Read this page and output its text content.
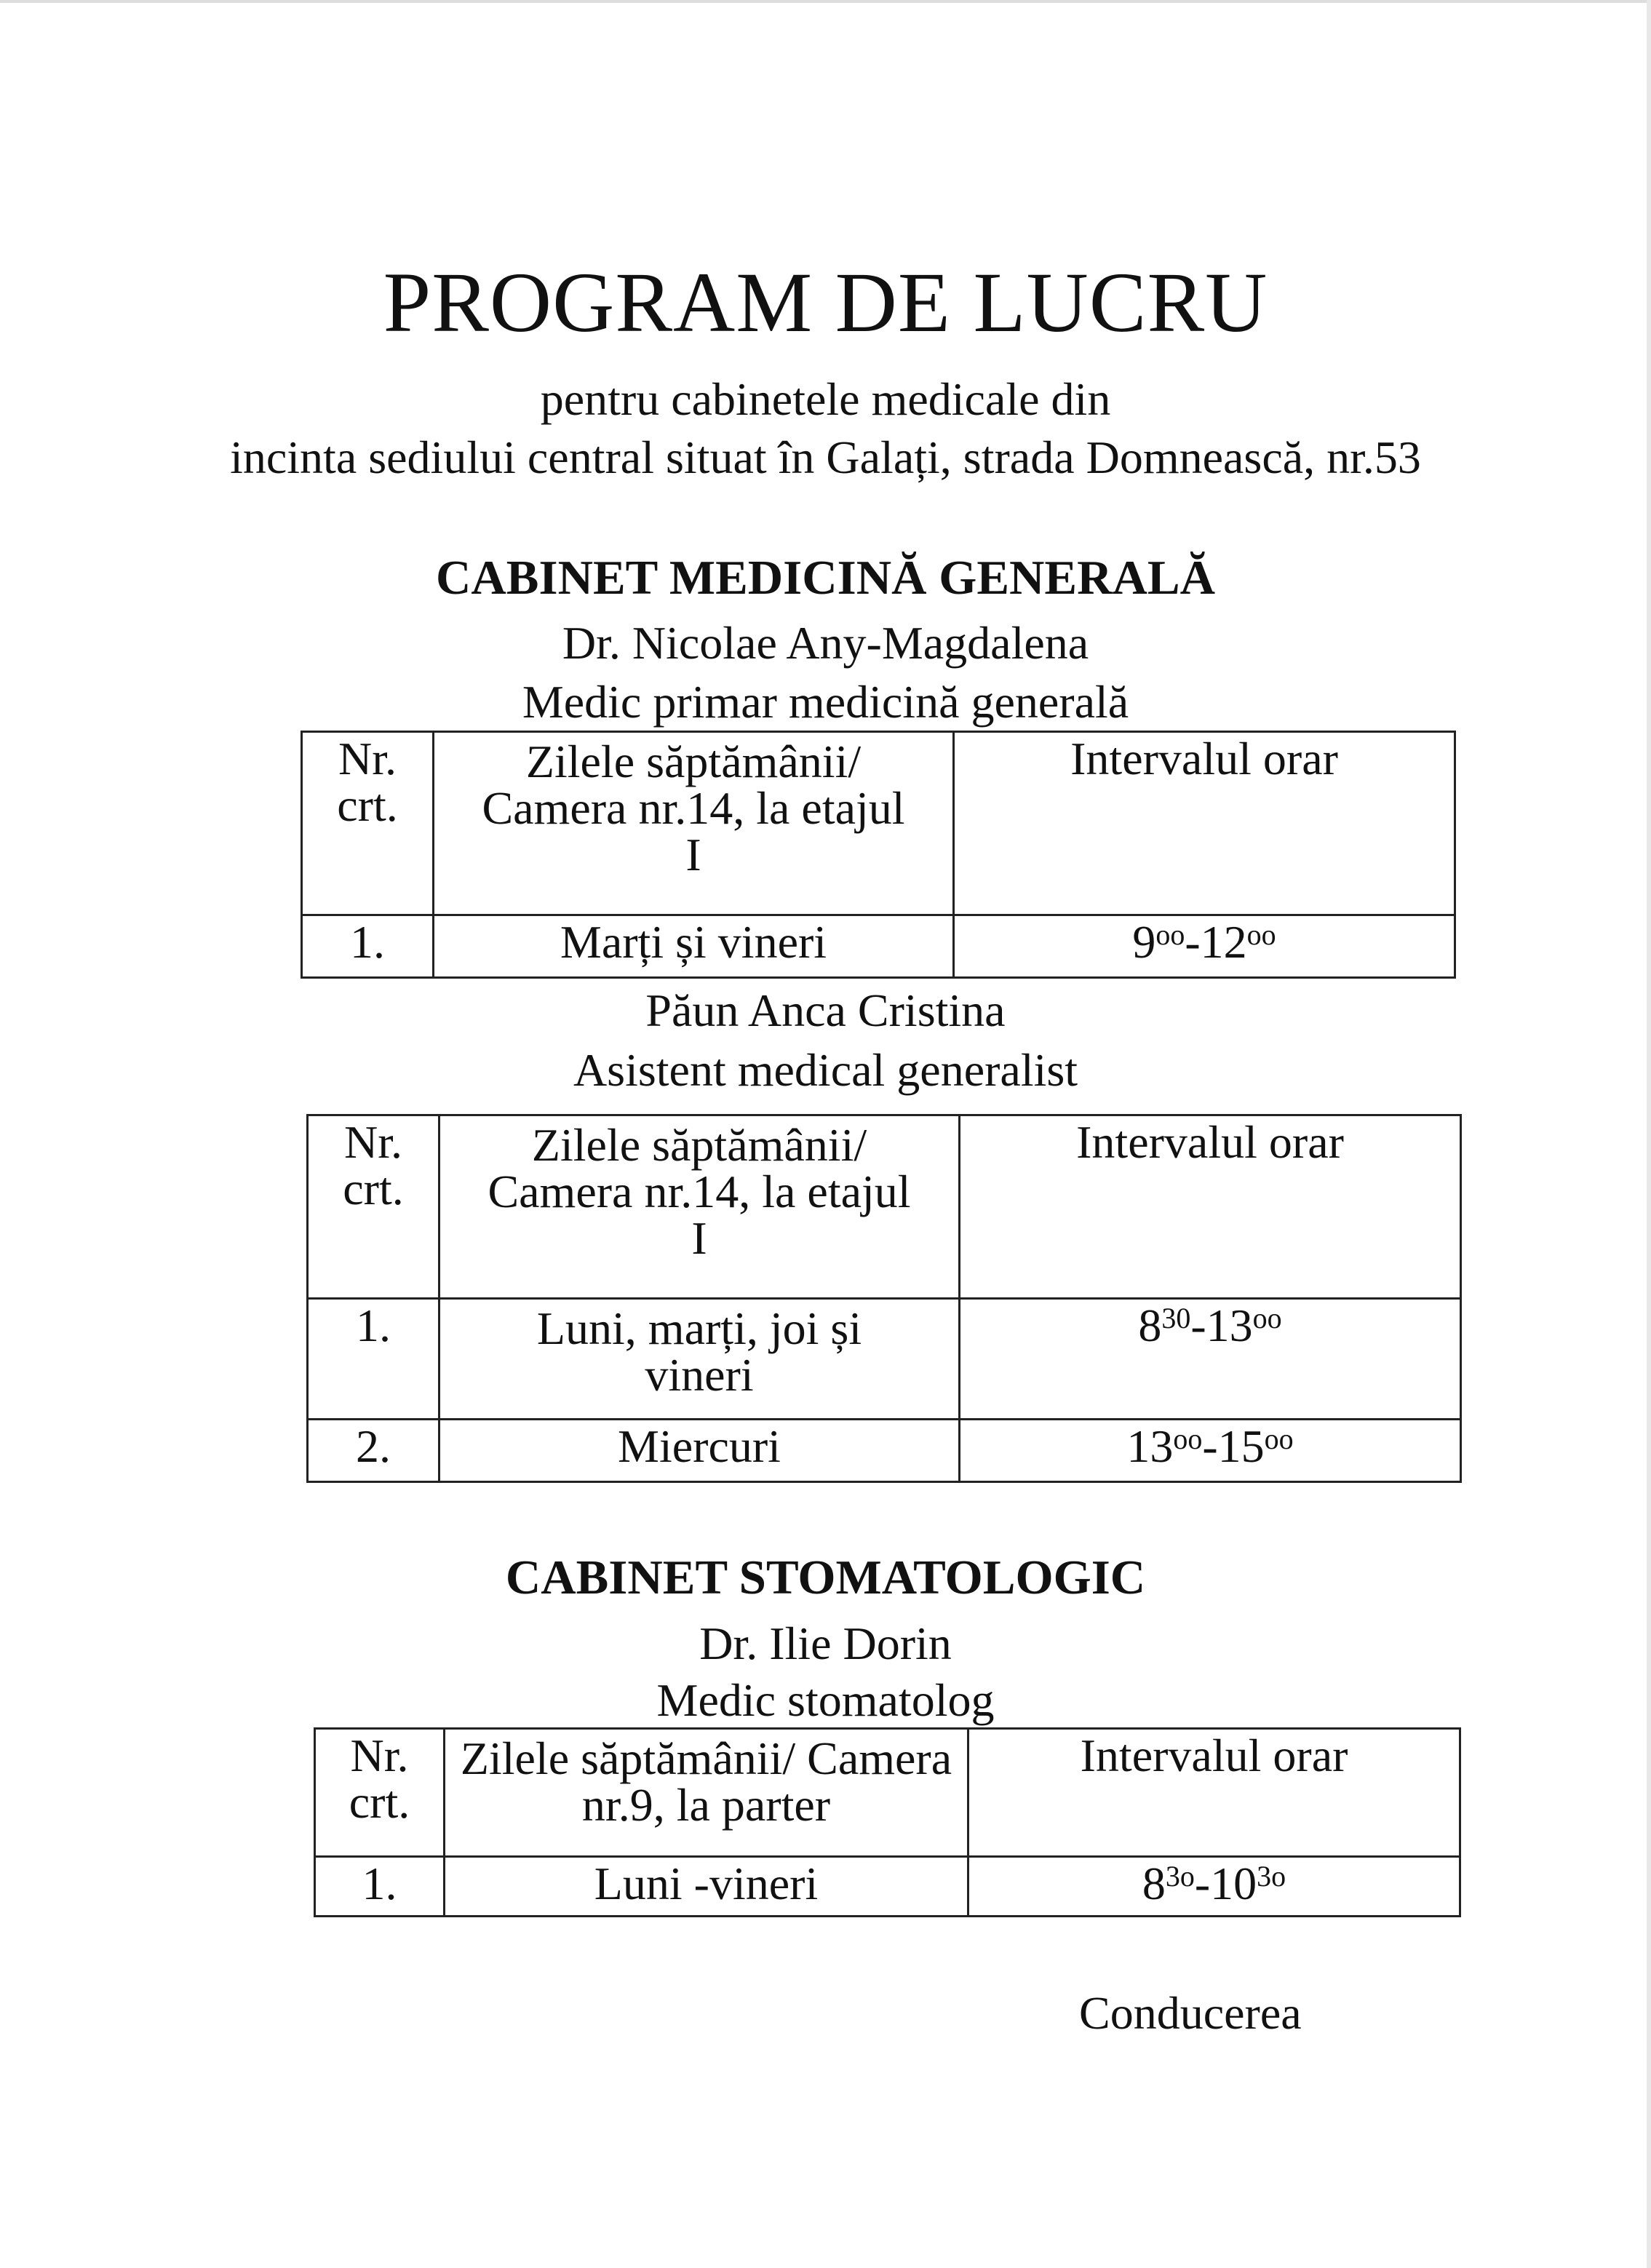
PROGRAM DE LUCRU
pentru cabinetele medicale din
incinta sediului central situat în Galați, strada Domnească, nr.53
CABINET MEDICINĂ GENERALĂ
Dr. Nicolae Any-Magdalena
Medic primar medicină generală
Nr.
crt.	Zilele săptămânii/ Camera nr.14, la etajul I	Intervalul orar
1.	Marți și vineri	$9^{oo}-12^{oo}$
Păun Anca Cristina
Asistent medical generalist
Nr.
crt.	Zilele săptămânii/ Camera nr.14, la etajul I	Intervalul orar
1.	Luni, marți, joi și vineri	$8^{30}-13^{oo}$
2.	Miercuri	$13^{oo}-15^{oo}$
CABINET STOMATOLOGIC
Dr. Ilie Dorin
Medic stomatolog
Nr.
crt.	Zilele săptămânii/ Camera nr.9, la parter	Intervalul orar
1.	Luni -vineri	$8^{3o}-10^{3o}$
Conducerea
